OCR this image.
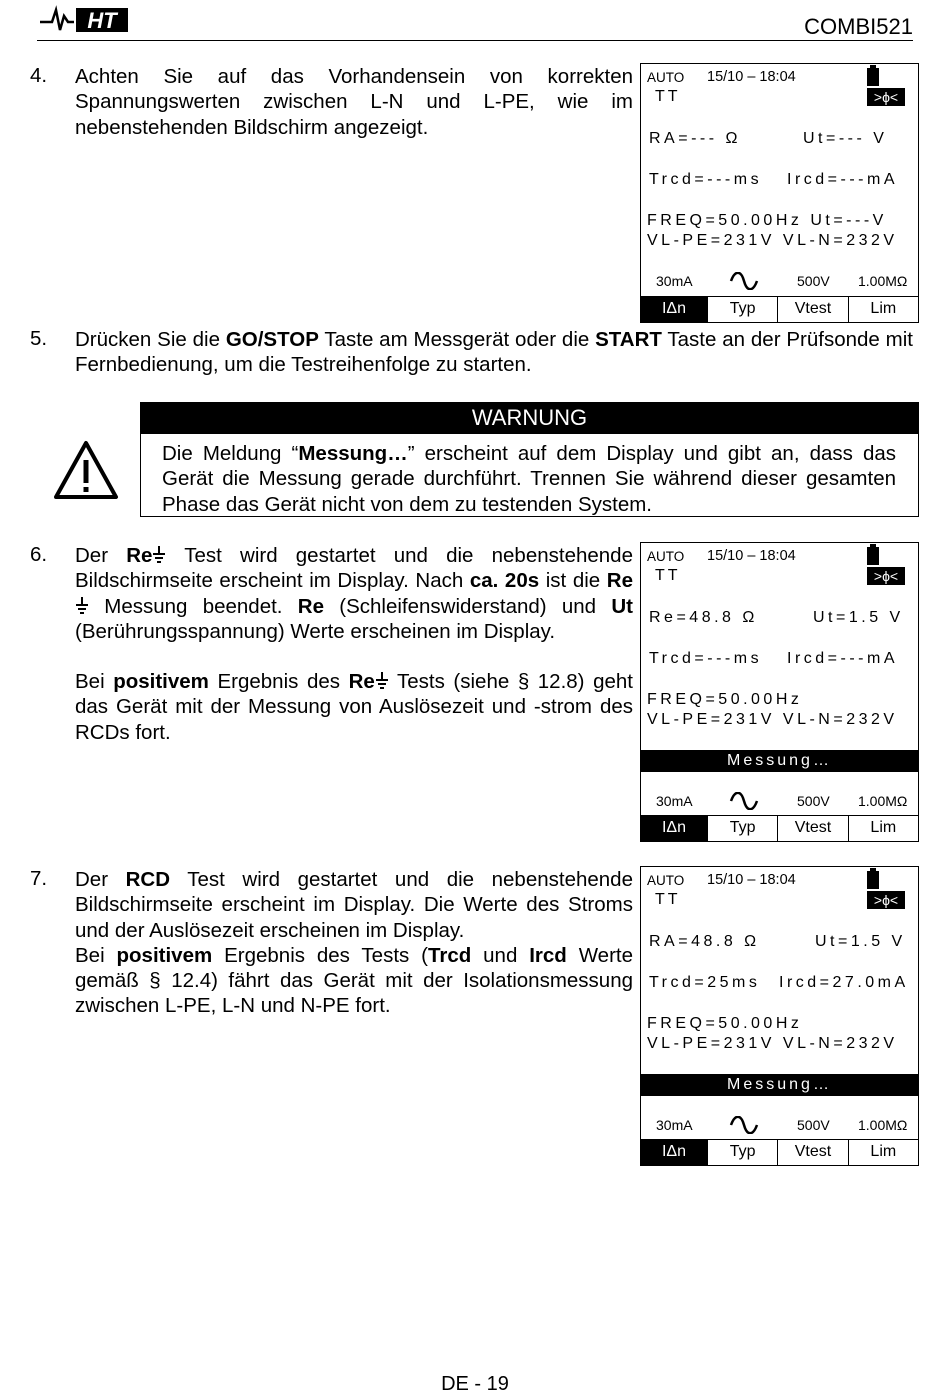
HT	COMBI521
4. Achten Sie auf das Vorhandensein von korrekten Spannungswerten zwischen L-N und L-PE, wie im nebenstehenden Bildschirm angezeigt.

5. Drücken Sie die GO/STOP Taste am Messgerät oder die START Taste an der Prüfsonde mit Fernbedienung, um die Testreihenfolge zu starten.

WARNUNG
Die Meldung “Messung…” erscheint auf dem Display und gibt an, dass das Gerät die Messung gerade durchführt. Trennen Sie während dieser gesamten Phase das Gerät nicht von dem zu testenden System.
6. Der Re Test wird gestartet und die nebenstehende Bildschirmseite erscheint im Display. Nach ca. 20s ist die Re Messung beendet. Re (Schleifenswiderstand) und Ut (Berührungsspannung) Werte erscheinen im Display.

Bei positivem Ergebnis des Re Tests (siehe § 12.8) geht das Gerät mit der Messung von Auslösezeit und -strom des RCDs fort.

7. Der RCD Test wird gestartet und die nebenstehende Bildschirmseite erscheint im Display. Die Werte des Stroms und der Auslösezeit erscheinen im Display.

Bei positivem Ergebnis des Tests (Trcd und Ircd Werte gemäß § 12.4) fährt das Gerät mit der Isolationsmessung zwischen L-PE, L-N und N-PE fort.

AUTO 15/10 – 18:04
TT	>ϕ<
RA=--- Ω	Ut=--- V
Trcd=---ms Ircd=---mA
FREQ=50.00Hz Ut=---V
VL-PE=231V VL-N=232V
30mA	500V 1.00MΩ
IΔn	Typ	Vtest	Lim
AUTO 15/10 – 18:04
TT	>ϕ<
Re=48.8 Ω	Ut=1.5 V
Trcd=---ms Ircd=---mA
FREQ=50.00Hz
VL-PE=231V VL-N=232V
Messung…
30mA	500V 1.00MΩ
IΔn	Typ	Vtest	Lim
AUTO 15/10 – 18:04
TT	>ϕ<
RA=48.8 Ω	Ut=1.5 V
Trcd=25ms Ircd=27.0mA
FREQ=50.00Hz
VL-PE=231V VL-N=232V
Messung…
30mA	500V 1.00MΩ
IΔn	Typ	Vtest	Lim
DE - 19
